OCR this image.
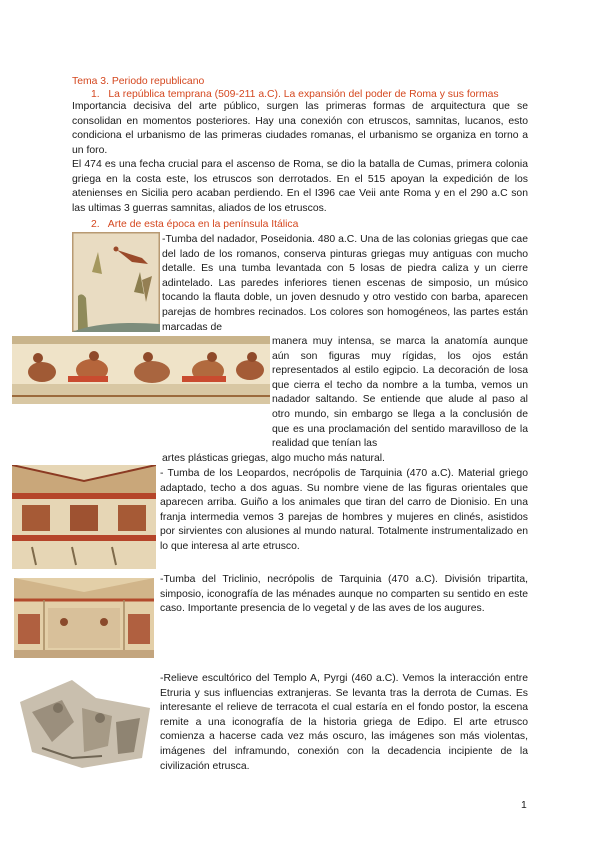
Tema 3. Periodo republicano
1. La república temprana (509-211 a.C). La expansión del poder de Roma y sus formas

Importancia decisiva del arte público, surgen las primeras formas de arquitectura que se consolidan en momentos posteriores. Hay una conexión con etruscos, samnitas, lucanos, esto condiciona el urbanismo de las primeras ciudades romanas, el urbanismo se organiza en torno a un foro.

El 474 es una fecha crucial para el ascenso de Roma, se dio la batalla de Cumas, primera colonia griega en la costa este, los etruscos son derrotados. En el 515 apoyan la expedición de los atenienses en Sicilia pero acaban perdiendo. En el I396 cae Veii ante Roma y en el 290 a.C son las ultimas 3 guerras samnitas, aliados de los etruscos.

2. Arte de esta época en la península Itálica

-Tumba del nadador, Poseidonia. 480 a.C. Una de las colonias griegas que cae del lado de los romanos, conserva pinturas griegas muy antiguas con mucho detalle. Es una tumba levantada con 5 losas de piedra caliza y un cierre adintelado. Las paredes inferiores tienen escenas de simposio, un músico tocando la flauta doble, un joven desnudo y otro vestido con barba, aparecen parejas de hombres recinados. Los colores son homogéneos, las partes están marcadas de

manera muy intensa, se marca la anatomía aunque aún son figuras muy rígidas, los ojos están representados al estilo egipcio. La decoración de losa que cierra el techo da nombre a la tumba, vemos un nadador saltando. Se entiende que alude al paso al otro mundo, sin embargo se llega a la conclusión de que es una proclamación del sentido maravilloso de la realidad que tenían las

artes plásticas griegas, algo mucho más natural.

- Tumba de los Leopardos, necrópolis de Tarquinia (470 a.C). Material griego adaptado, techo a dos aguas. Su nombre viene de las figuras orientales que aparecen arriba. Guiño a los animales que tiran del carro de Dionisio. En una franja intermedia vemos 3 parejas de hombres y mujeres en clinés, asistidos por sirvientes con alusiones al mundo natural. Totalmente instrumentalizado en lo que interesa al arte etrusco.

-Tumba del Triclinio, necrópolis de Tarquinia (470 a.C). División tripartita, simposio, iconografía de las ménades aunque no comparten su sentido en este caso. Importante presencia de lo vegetal y de las aves de los augures.

-Relieve escultórico del Templo A, Pyrgi (460 a.C). Vemos la interacción entre Etruria y sus influencias extranjeras. Se levanta tras la derrota de Cumas. Es interesante el relieve de terracota el cual estaría en el fondo postor, la escena remite a una iconografía de la historia griega de Edipo. El arte etrusco comienza a hacerse cada vez más oscuro, las imágenes son más violentas, imágenes del inframundo, conexión con la decadencia incipiente de la civilización etrusca.

1
